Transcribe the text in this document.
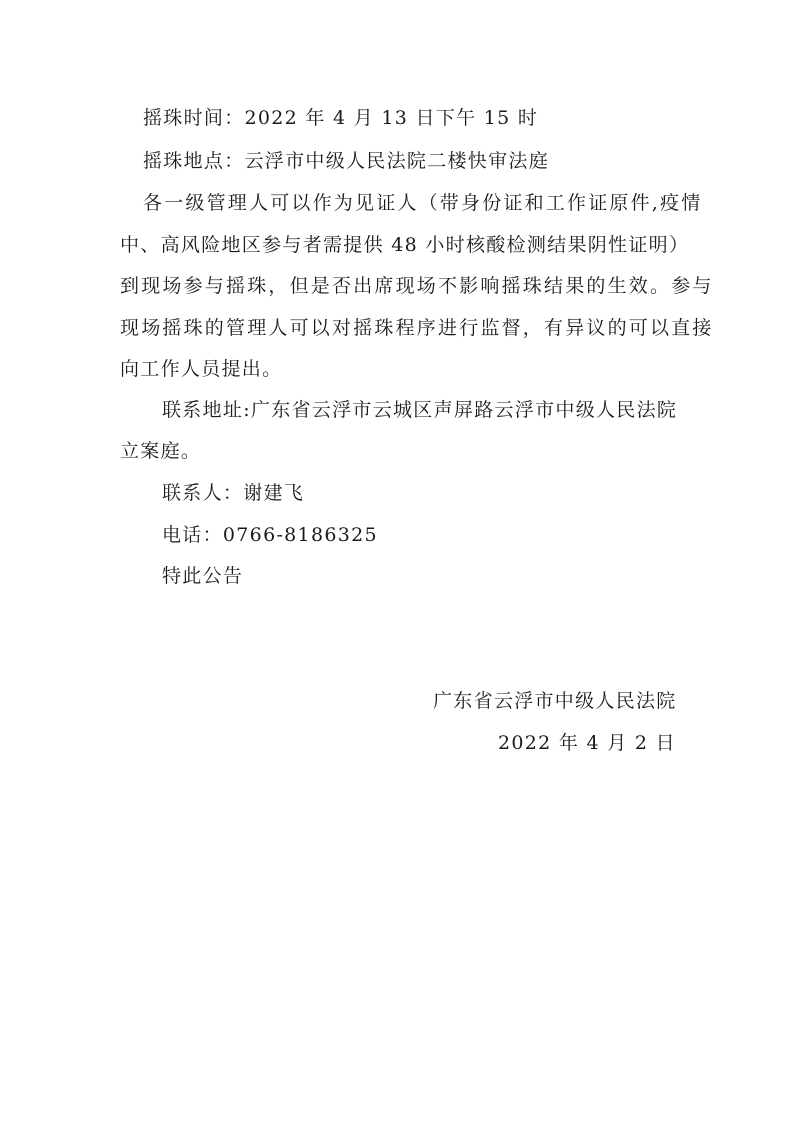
摇珠时间：2022 年 4 月 13 日下午 15 时
摇珠地点：云浮市中级人民法院二楼快审法庭
各一级管理人可以作为见证人（带身份证和工作证原件,疫情
中、高风险地区参与者需提供 48 小时核酸检测结果阴性证明）
到现场参与摇珠，但是否出席现场不影响摇珠结果的生效。参与
现场摇珠的管理人可以对摇珠程序进行监督，有异议的可以直接
向工作人员提出。
联系地址:广东省云浮市云城区声屏路云浮市中级人民法院
立案庭。
联系人：谢建飞
电话：0766-8186325
特此公告
广东省云浮市中级人民法院
2022 年 4 月 2 日
